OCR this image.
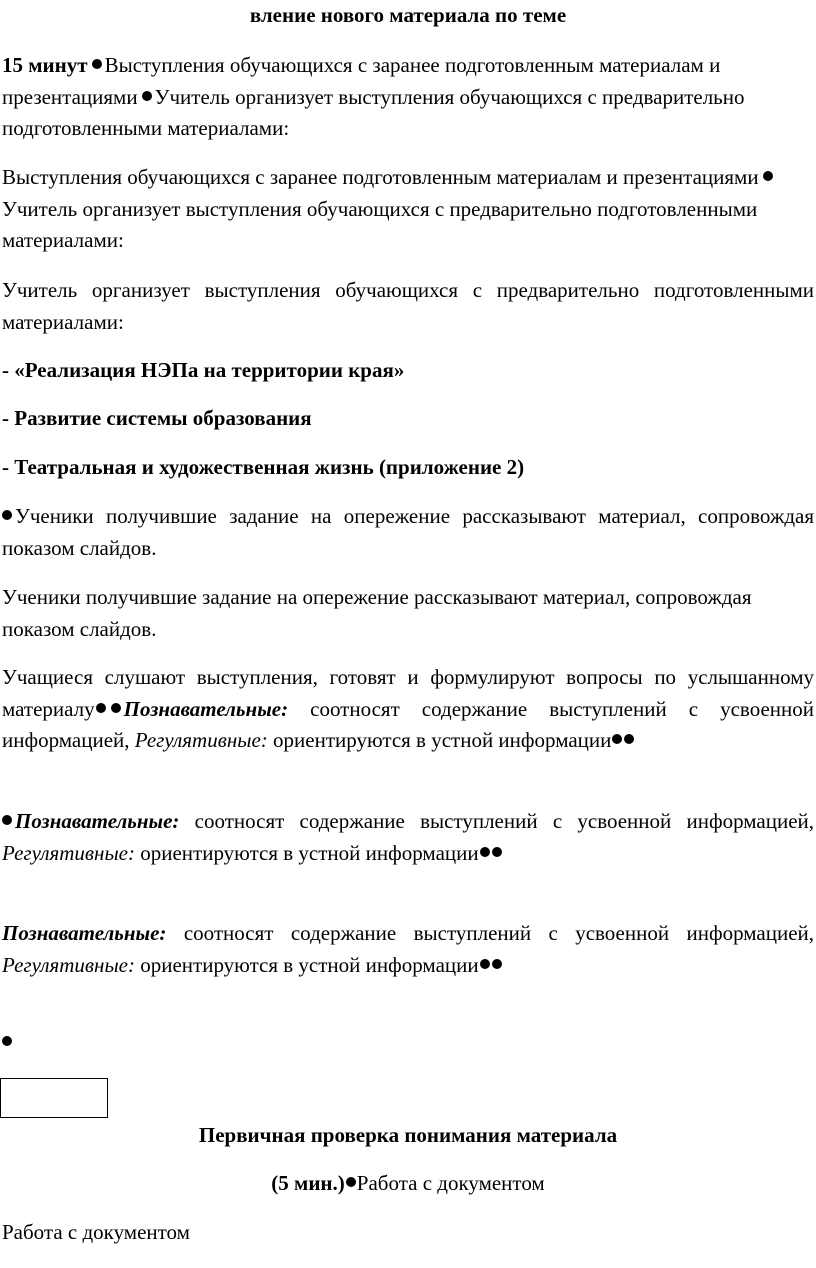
вление нового материала по теме

15 минут Выступления обучающихся с заранее подготовленным материалам и презентациями Учитель организует выступления обучающихся с предварительно подготовленными материалами:

Выступления обучающихся с заранее подготовленным материалам и презентациямиУчитель организует выступления обучающихся с предварительно подготовленными материалами:

Учитель организует выступления обучающихся с предварительно подготовленными материалами:

- «Реализация НЭПа на территории края»

- Развитие системы образования

- Театральная и художественная жизнь (приложение 2)

Ученики получившие задание на опережение рассказывают материал, сопровождая показом слайдов.

Ученики получившие задание на опережение рассказывают материал, сопровождая показом слайдов.

Учащиеся слушают выступления, готовят и формулируют вопросы по услышанному материалу Познавательные: соотносят содержание выступлений с усвоенной информацией, Регулятивные: ориентируются в устной информации

Познавательные: соотносят содержание выступлений с усвоенной информацией, Регулятивные: ориентируются в устной информации

Познавательные: соотносят содержание выступлений с усвоенной информацией, Регулятивные: ориентируются в устной информации

Первичная проверка понимания материала

(5 мин.) Работа с документом

Работа с документом
